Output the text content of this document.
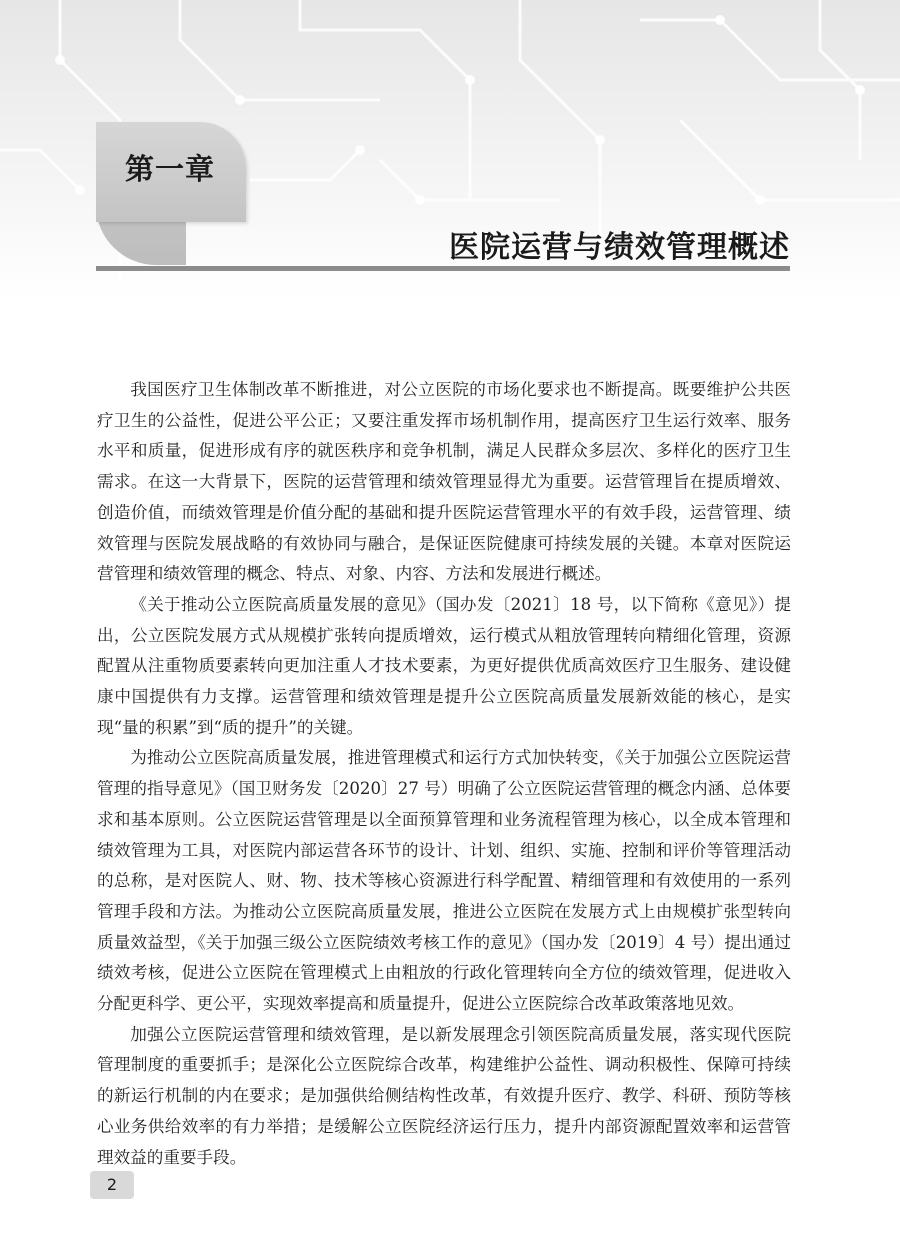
第一章
医院运营与绩效管理概述

我国医疗卫生体制改革不断推进，对公立医院的市场化要求也不断提高。既要维护公共医疗卫生的公益性，促进公平公正；又要注重发挥市场机制作用，提高医疗卫生运行效率、服务水平和质量，促进形成有序的就医秩序和竞争机制，满足人民群众多层次、多样化的医疗卫生需求。在这一大背景下，医院的运营管理和绩效管理显得尤为重要。运营管理旨在提质增效、创造价值，而绩效管理是价值分配的基础和提升医院运营管理水平的有效手段，运营管理、绩效管理与医院发展战略的有效协同与融合，是保证医院健康可持续发展的关键。本章对医院运营管理和绩效管理的概念、特点、对象、内容、方法和发展进行概述。

《关于推动公立医院高质量发展的意见》（国办发〔2021〕18 号，以下简称《意见》）提出，公立医院发展方式从规模扩张转向提质增效，运行模式从粗放管理转向精细化管理，资源配置从注重物质要素转向更加注重人才技术要素，为更好提供优质高效医疗卫生服务、建设健康中国提供有力支撑。运营管理和绩效管理是提升公立医院高质量发展新效能的核心，是实现“量的积累”到“质的提升”的关键。

为推动公立医院高质量发展，推进管理模式和运行方式加快转变，《关于加强公立医院运营管理的指导意见》（国卫财务发〔2020〕27 号）明确了公立医院运营管理的概念内涵、总体要求和基本原则。公立医院运营管理是以全面预算管理和业务流程管理为核心，以全成本管理和绩效管理为工具，对医院内部运营各环节的设计、计划、组织、实施、控制和评价等管理活动的总称，是对医院人、财、物、技术等核心资源进行科学配置、精细管理和有效使用的一系列管理手段和方法。为推动公立医院高质量发展，推进公立医院在发展方式上由规模扩张型转向质量效益型，《关于加强三级公立医院绩效考核工作的意见》（国办发〔2019〕4 号）提出通过绩效考核，促进公立医院在管理模式上由粗放的行政化管理转向全方位的绩效管理，促进收入分配更科学、更公平，实现效率提高和质量提升，促进公立医院综合改革政策落地见效。

加强公立医院运营管理和绩效管理，是以新发展理念引领医院高质量发展，落实现代医院管理制度的重要抓手；是深化公立医院综合改革，构建维护公益性、调动积极性、保障可持续的新运行机制的内在要求；是加强供给侧结构性改革，有效提升医疗、教学、科研、预防等核心业务供给效率的有力举措；是缓解公立医院经济运行压力，提升内部资源配置效率和运营管理效益的重要手段。

2
